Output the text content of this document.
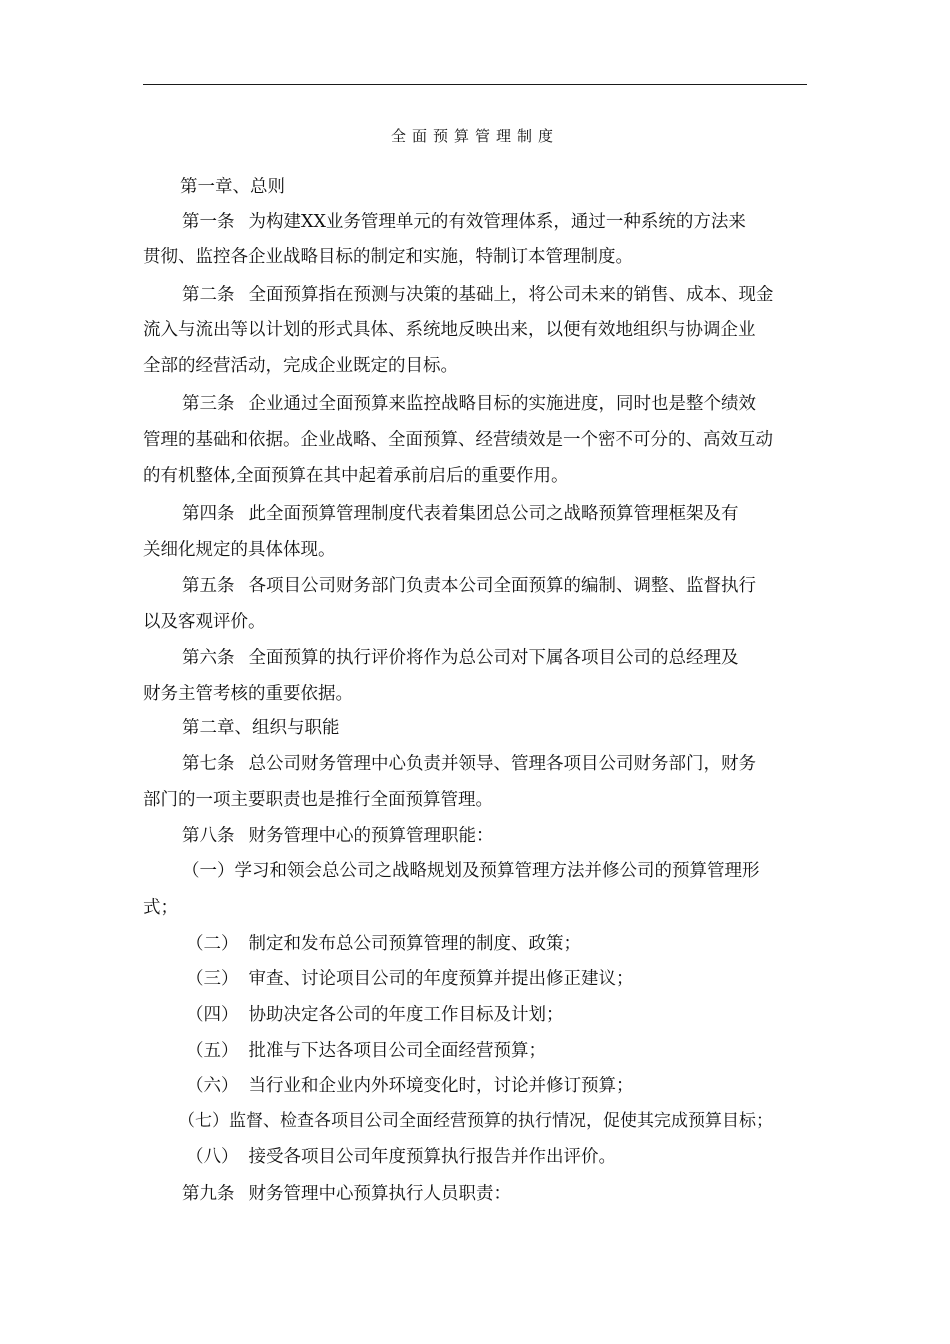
全面预算管理制度
第一章、总则
第一条 为构建XX业务管理单元的有效管理体系，通过一种系统的方法来
贯彻、监控各企业战略目标的制定和实施，特制订本管理制度。
第二条 全面预算指在预测与决策的基础上，将公司未来的销售、成本、现金
流入与流出等以计划的形式具体、系统地反映出来，以便有效地组织与协调企业
全部的经营活动，完成企业既定的目标。
第三条 企业通过全面预算来监控战略目标的实施进度，同时也是整个绩效
管理的基础和依据。企业战略、全面预算、经营绩效是一个密不可分的、高效互动
的有机整体,全面预算在其中起着承前启后的重要作用。
第四条 此全面预算管理制度代表着集团总公司之战略预算管理框架及有
关细化规定的具体体现。
第五条 各项目公司财务部门负责本公司全面预算的编制、调整、监督执行
以及客观评价。
第六条 全面预算的执行评价将作为总公司对下属各项目公司的总经理及
财务主管考核的重要依据。
第二章、组织与职能
第七条 总公司财务管理中心负责并领导、管理各项目公司财务部门，财务
部门的一项主要职责也是推行全面预算管理。
第八条 财务管理中心的预算管理职能：
（一）学习和领会总公司之战略规划及预算管理方法并修公司的预算管理形
式；
（二） 制定和发布总公司预算管理的制度、政策；
（三） 审查、讨论项目公司的年度预算并提出修正建议；
（四） 协助决定各公司的年度工作目标及计划；
（五） 批准与下达各项目公司全面经营预算；
（六） 当行业和企业内外环境变化时，讨论并修订预算；
（七）监督、检查各项目公司全面经营预算的执行情况，促使其完成预算目标；
（八） 接受各项目公司年度预算执行报告并作出评价。
第九条 财务管理中心预算执行人员职责：
